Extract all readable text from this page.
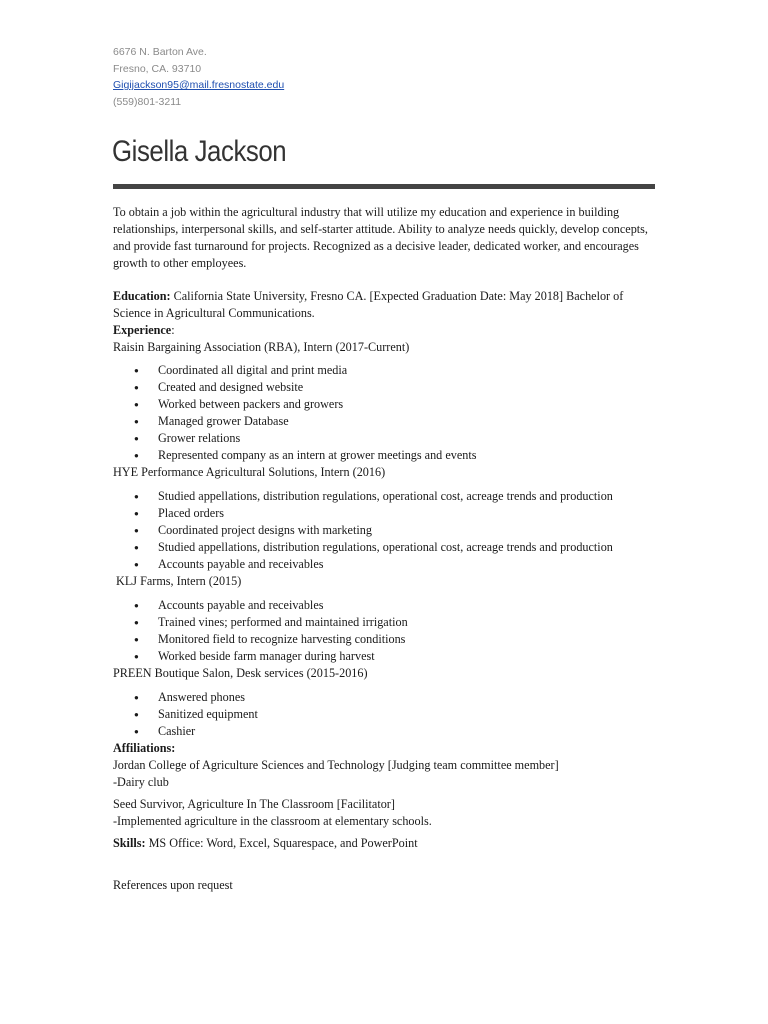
6676 N. Barton Ave.
Fresno, CA. 93710
Gigijackson95@mail.fresnostate.edu
(559)801-3211
Gisella Jackson
To obtain a job within the agricultural industry that will utilize my education and experience in building relationships, interpersonal skills, and self-starter attitude. Ability to analyze needs quickly, develop concepts, and provide fast turnaround for projects. Recognized as a decisive leader, dedicated worker, and encourages growth to other employees.
Education: California State University, Fresno CA. [Expected Graduation Date: May 2018] Bachelor of Science in Agricultural Communications.
Experience:
Raisin Bargaining Association (RBA), Intern (2017-Current)
● Coordinated all digital and print media
● Created and designed website
● Worked between packers and growers
● Managed grower Database
● Grower relations
● Represented company as an intern at grower meetings and events
HYE Performance Agricultural Solutions, Intern (2016)
● Studied appellations, distribution regulations, operational cost, acreage trends and production
● Placed orders
● Coordinated project designs with marketing
● Studied appellations, distribution regulations, operational cost, acreage trends and production
● Accounts payable and receivables
KLJ Farms, Intern (2015)
● Accounts payable and receivables
● Trained vines; performed and maintained irrigation
● Monitored field to recognize harvesting conditions
● Worked beside farm manager during harvest
PREEN Boutique Salon, Desk services (2015-2016)
● Answered phones
● Sanitized equipment
● Cashier
Affiliations:
Jordan College of Agriculture Sciences and Technology [Judging team committee member]
-Dairy club
Seed Survivor, Agriculture In The Classroom [Facilitator]
-Implemented agriculture in the classroom at elementary schools.
Skills: MS Office: Word, Excel, Squarespace, and PowerPoint
References upon request
